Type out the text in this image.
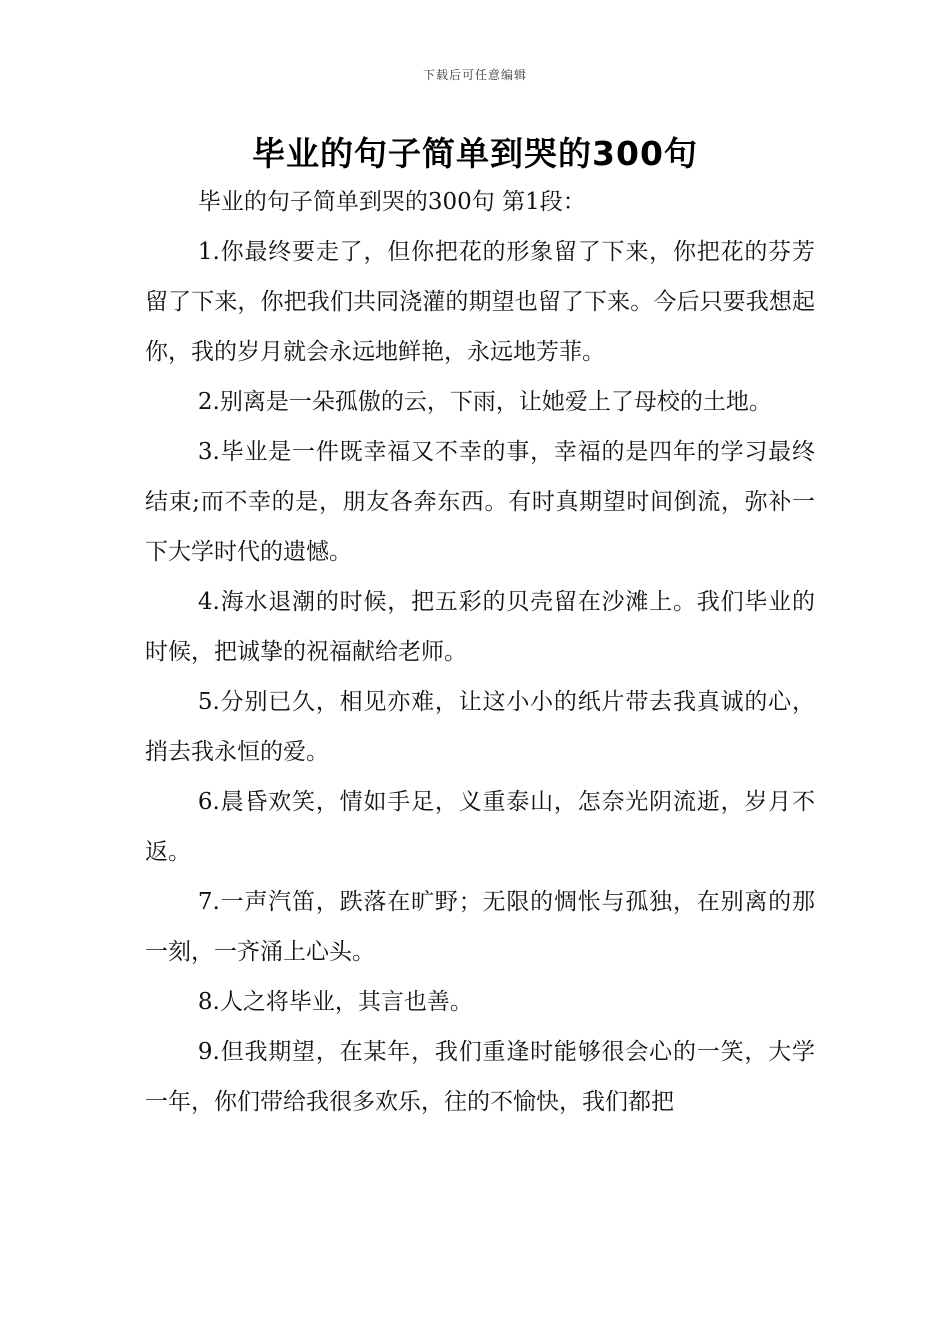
下载后可任意编辑
毕业的句子简单到哭的300句

毕业的句子简单到哭的300句 第1段：

1.你最终要走了，但你把花的形象留了下来，你把花的芬芳留了下来，你把我们共同浇灌的期望也留了下来。今后只要我想起你，我的岁月就会永远地鲜艳，永远地芳菲。

2.别离是一朵孤傲的云，下雨，让她爱上了母校的土地。

3.毕业是一件既幸福又不幸的事，幸福的是四年的学习最终结束;而不幸的是，朋友各奔东西。有时真期望时间倒流，弥补一下大学时代的遗憾。

4.海水退潮的时候，把五彩的贝壳留在沙滩上。我们毕业的时候，把诚挚的祝福献给老师。

5.分别已久，相见亦难，让这小小的纸片带去我真诚的心，捎去我永恒的爱。

6.晨昏欢笑，情如手足，义重泰山，怎奈光阴流逝，岁月不返。

7.一声汽笛，跌落在旷野；无限的惆怅与孤独，在别离的那一刻，一齐涌上心头。

8.人之将毕业，其言也善。

9.但我期望，在某年，我们重逢时能够很会心的一笑，大学一年，你们带给我很多欢乐，往的不愉快，我们都把
